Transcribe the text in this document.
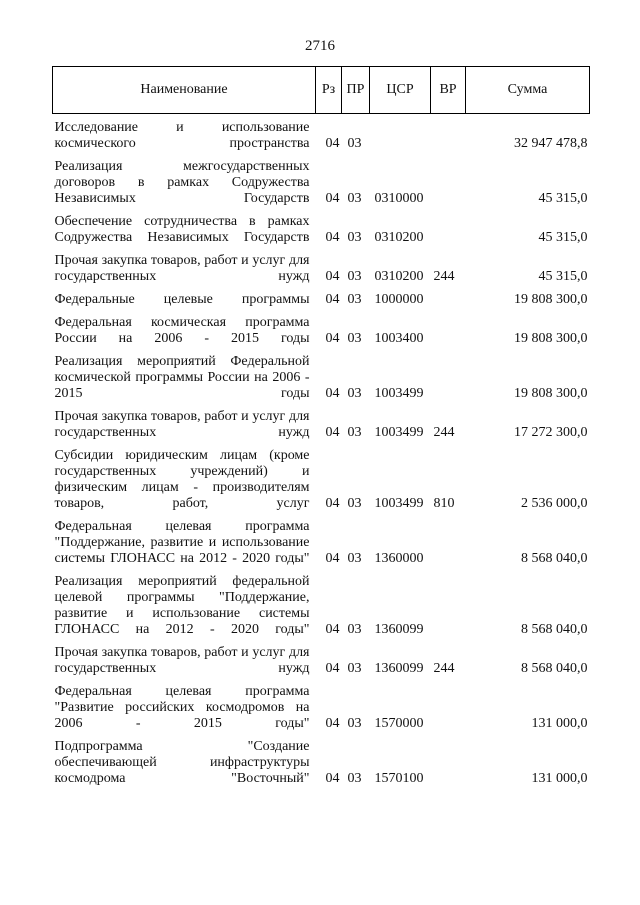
2716
Наименование	Рз	ПР	ЦСР	ВР	Сумма
Исследование и использование космического пространства	04	03			32 947 478,8
Реализация межгосударственных договоров в рамках Содружества Независимых Государств	04	03	0310000		45 315,0
Обеспечение сотрудничества в рамках Содружества Независимых Государств	04	03	0310200		45 315,0
Прочая закупка товаров, работ и услуг для государственных нужд	04	03	0310200	244	45 315,0
Федеральные целевые программы	04	03	1000000		19 808 300,0
Федеральная космическая программа России на 2006 - 2015 годы	04	03	1003400		19 808 300,0
Реализация мероприятий Федеральной космической программы России на 2006 - 2015 годы	04	03	1003499		19 808 300,0
Прочая закупка товаров, работ и услуг для государственных нужд	04	03	1003499	244	17 272 300,0
Субсидии юридическим лицам (кроме государственных учреждений) и физическим лицам - производителям товаров, работ, услуг	04	03	1003499	810	2 536 000,0
Федеральная целевая программа "Поддержание, развитие и использование системы ГЛОНАСС на 2012 - 2020 годы"	04	03	1360000		8 568 040,0
Реализация мероприятий федеральной целевой программы "Поддержание, развитие и использование системы ГЛОНАСС на 2012 - 2020 годы"	04	03	1360099		8 568 040,0
Прочая закупка товаров, работ и услуг для государственных нужд	04	03	1360099	244	8 568 040,0
Федеральная целевая программа "Развитие российских космодромов на 2006 - 2015 годы"	04	03	1570000		131 000,0
Подпрограмма "Создание обеспечивающей инфраструктуры космодрома "Восточный"	04	03	1570100		131 000,0
